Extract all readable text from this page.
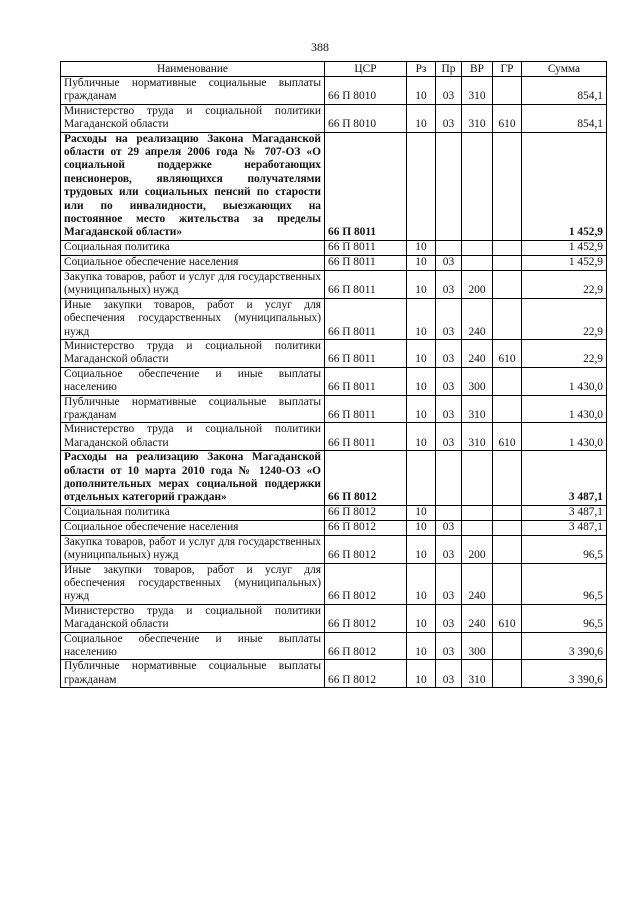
388
Наименование	ЦСР	Рз	Пр	ВР	ГР	Сумма
Публичные нормативные социальные выплаты гражданам	66 П 8010	10	03	310		854,1
Министерство труда и социальной политики Магаданской области	66 П 8010	10	03	310	610	854,1
Расходы на реализацию Закона Магаданской области от 29 апреля 2006 года № 707-ОЗ «О социальной поддержке неработающих пенсионеров, являющихся получателями трудовых или социальных пенсий по старости или по инвалидности, выезжающих на постоянное место жительства за пределы Магаданской области»	66 П 8011					1 452,9
Социальная политика	66 П 8011	10				1 452,9
Социальное обеспечение населения	66 П 8011	10	03			1 452,9
Закупка товаров, работ и услуг для государственных (муниципальных) нужд	66 П 8011	10	03	200		22,9
Иные закупки товаров, работ и услуг для обеспечения государственных (муниципальных) нужд	66 П 8011	10	03	240		22,9
Министерство труда и социальной политики Магаданской области	66 П 8011	10	03	240	610	22,9
Социальное обеспечение и иные выплаты населению	66 П 8011	10	03	300		1 430,0
Публичные нормативные социальные выплаты гражданам	66 П 8011	10	03	310		1 430,0
Министерство труда и социальной политики Магаданской области	66 П 8011	10	03	310	610	1 430,0
Расходы на реализацию Закона Магаданской области от 10 марта 2010 года № 1240-ОЗ «О дополнительных мерах социальной поддержки отдельных категорий граждан»	66 П 8012					3 487,1
Социальная политика	66 П 8012	10				3 487,1
Социальное обеспечение населения	66 П 8012	10	03			3 487,1
Закупка товаров, работ и услуг для государственных (муниципальных) нужд	66 П 8012	10	03	200		96,5
Иные закупки товаров, работ и услуг для обеспечения государственных (муниципальных) нужд	66 П 8012	10	03	240		96,5
Министерство труда и социальной политики Магаданской области	66 П 8012	10	03	240	610	96,5
Социальное обеспечение и иные выплаты населению	66 П 8012	10	03	300		3 390,6
Публичные нормативные социальные выплаты гражданам	66 П 8012	10	03	310		3 390,6
